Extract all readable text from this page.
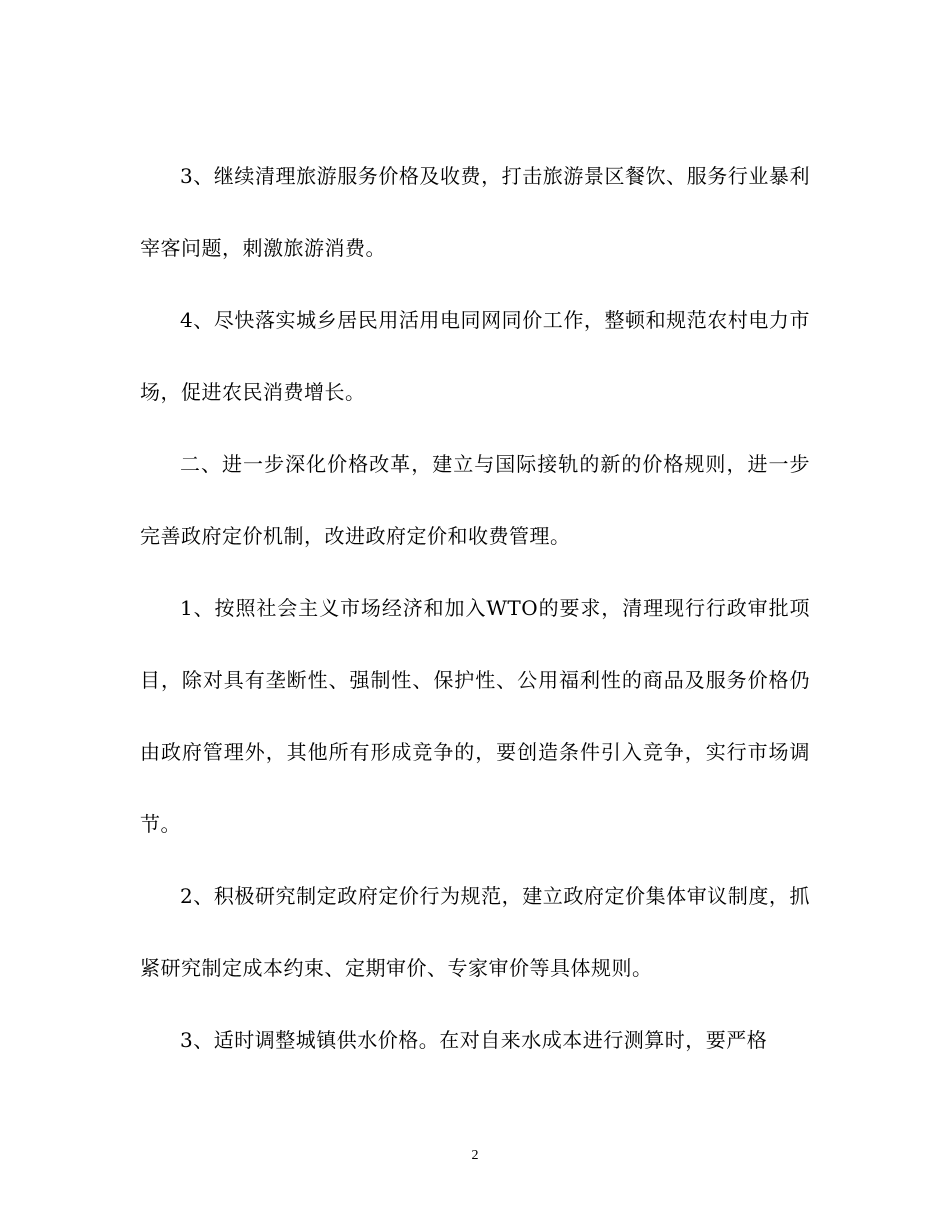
3、继续清理旅游服务价格及收费，打击旅游景区餐饮、服务行业暴利宰客问题，刺激旅游消费。

4、尽快落实城乡居民用活用电同网同价工作，整顿和规范农村电力市场，促进农民消费增长。

二、进一步深化价格改革，建立与国际接轨的新的价格规则，进一步完善政府定价机制，改进政府定价和收费管理。

1、按照社会主义市场经济和加入WTO的要求，清理现行行政审批项目，除对具有垄断性、强制性、保护性、公用福利性的商品及服务价格仍由政府管理外，其他所有形成竞争的，要创造条件引入竞争，实行市场调节。

2、积极研究制定政府定价行为规范，建立政府定价集体审议制度，抓紧研究制定成本约束、定期审价、专家审价等具体规则。

3、适时调整城镇供水价格。在对自来水成本进行测算时，要严格

2
